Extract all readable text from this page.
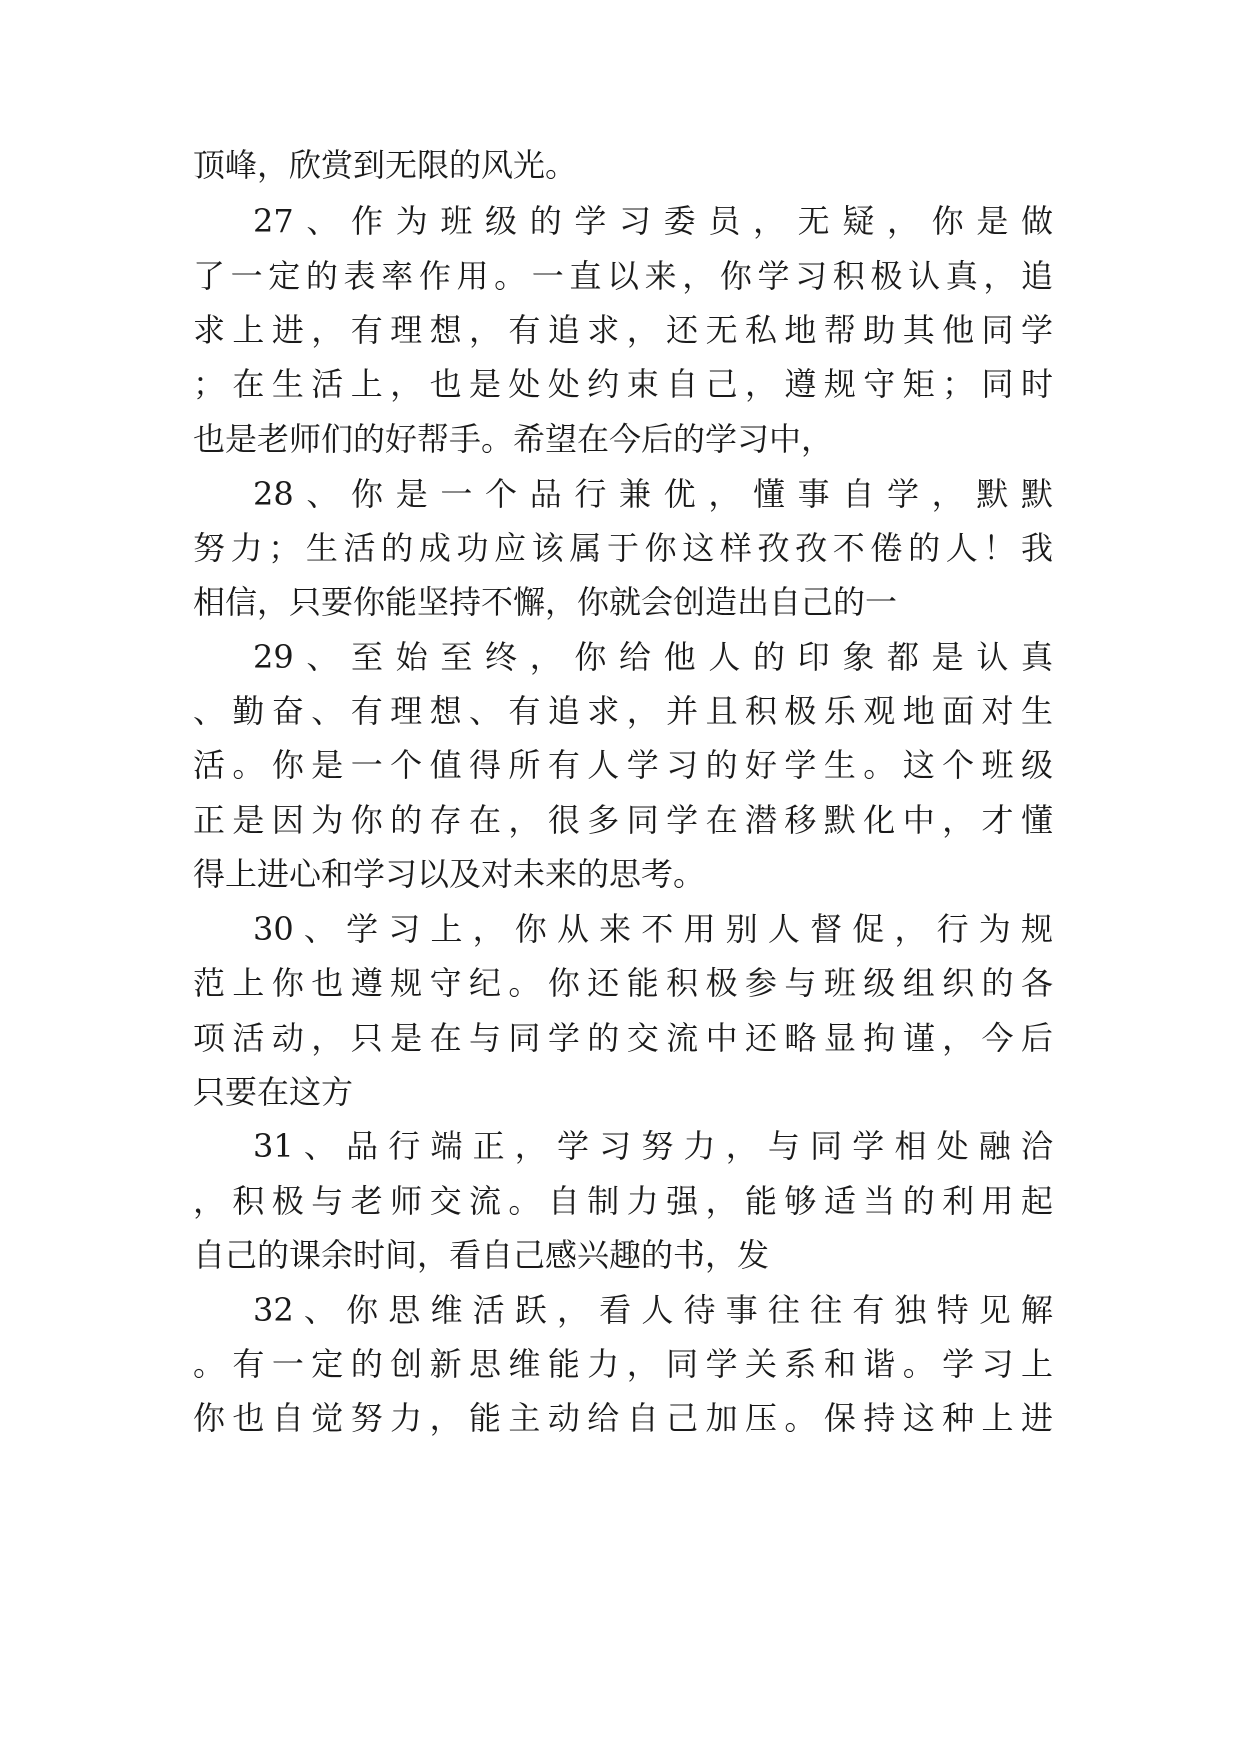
顶峰，欣赏到无限的风光。

27、作为班级的学习委员，无疑，你是做

了一定的表率作用。一直以来，你学习积极认真，追

求上进，有理想，有追求，还无私地帮助其他同学

；在生活上，也是处处约束自己，遵规守矩；同时

也是老师们的好帮手。希望在今后的学习中，

28、你是一个品行兼优，懂事自学，默默

努力；生活的成功应该属于你这样孜孜不倦的人！我

相信，只要你能坚持不懈，你就会创造出自己的一

29、至始至终，你给他人的印象都是认真

、勤奋、有理想、有追求，并且积极乐观地面对生

活。你是一个值得所有人学习的好学生。这个班级

正是因为你的存在，很多同学在潜移默化中，才懂

得上进心和学习以及对未来的思考。

30、学习上，你从来不用别人督促，行为规

范上你也遵规守纪。你还能积极参与班级组织的各

项活动，只是在与同学的交流中还略显拘谨，今后

只要在这方

31、品行端正，学习努力，与同学相处融洽

，积极与老师交流。自制力强，能够适当的利用起

自己的课余时间，看自己感兴趣的书，发

32、你思维活跃，看人待事往往有独特见解

。有一定的创新思维能力，同学关系和谐。学习上

你也自觉努力，能主动给自己加压。保持这种上进
